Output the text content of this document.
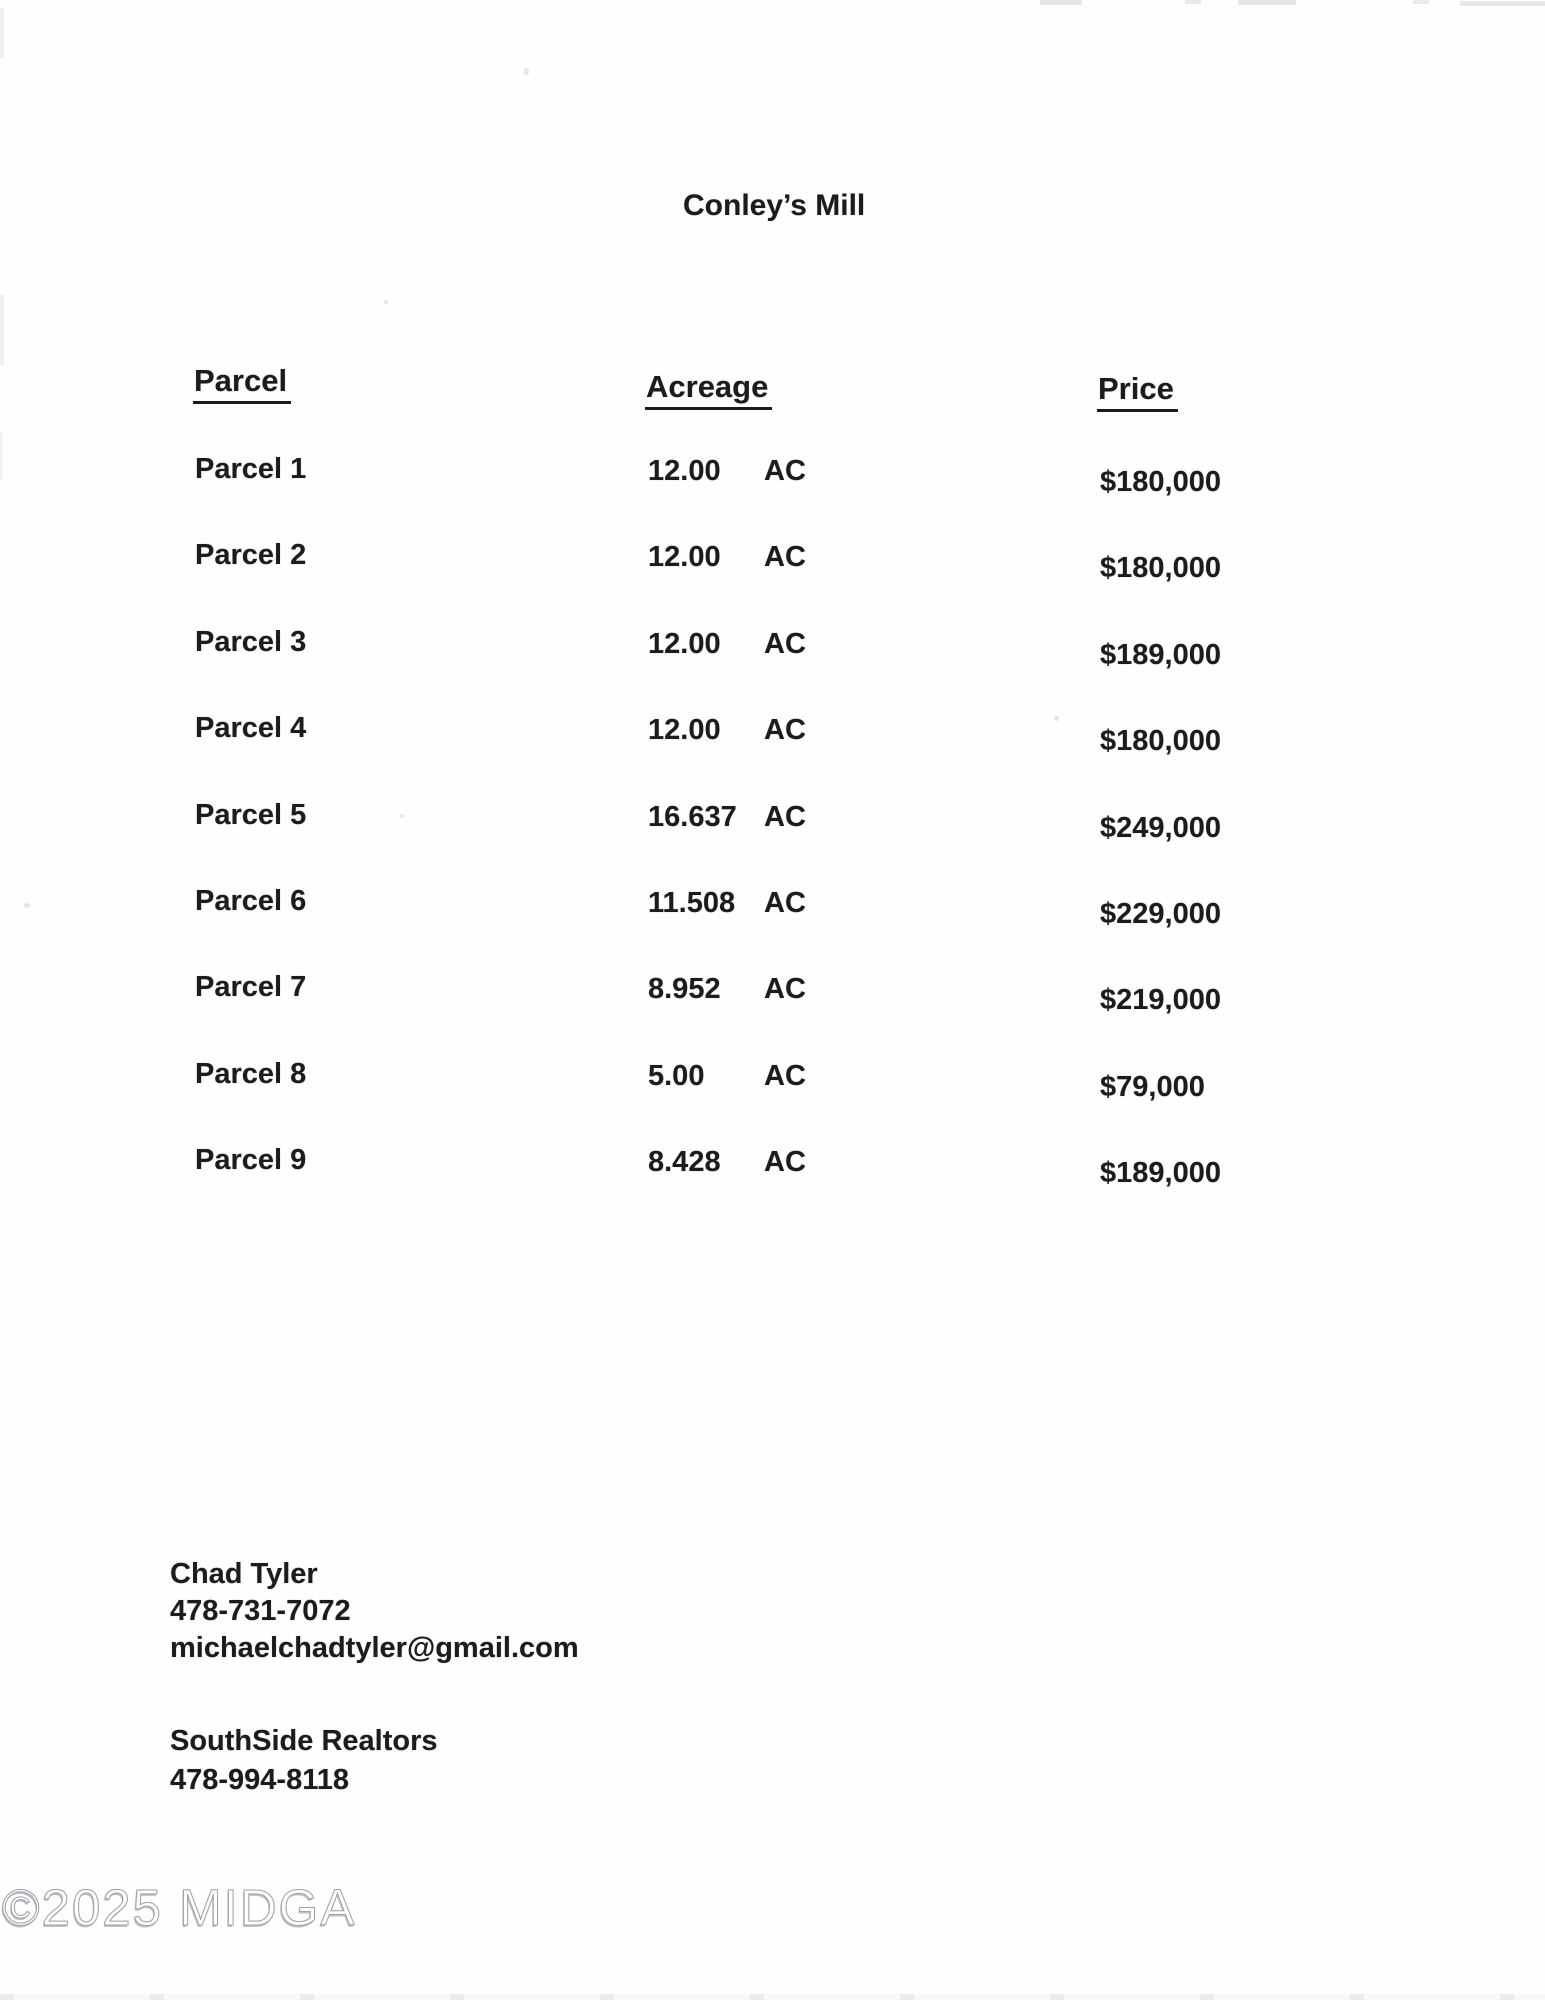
Conley’s Mill
Parcel	Acreage	Price
Parcel 1	12.00 AC	$180,000
Parcel 2	12.00 AC	$180,000
Parcel 3	12.00 AC	$189,000
Parcel 4	12.00 AC	$180,000
Parcel 5	16.637 AC	$249,000
Parcel 6	11.508 AC	$229,000
Parcel 7	8.952 AC	$219,000
Parcel 8	5.00 AC	$79,000
Parcel 9	8.428 AC	$189,000
Chad Tyler
478-731-7072
michaelchadtyler@gmail.com
SouthSide Realtors
478-994-8118
©2025 MIDGA
